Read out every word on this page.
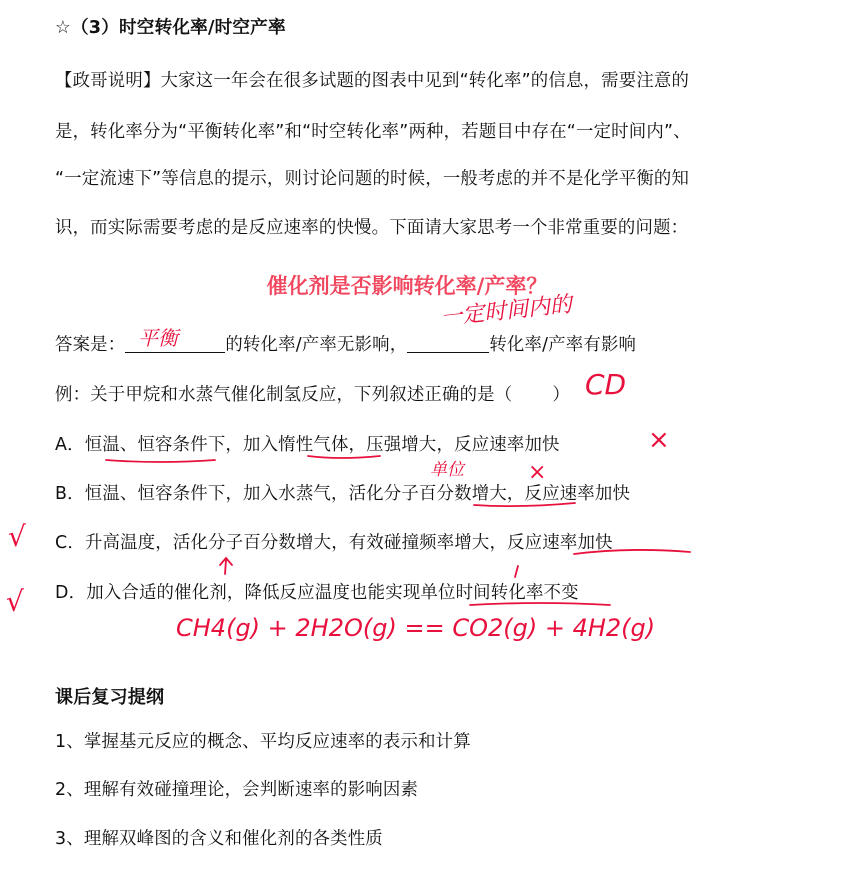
☆（3）时空转化率/时空产率
【政哥说明】大家这一年会在很多试题的图表中见到“转化率”的信息，需要注意的
是，转化率分为“平衡转化率”和“时空转化率”两种，若题目中存在“一定时间内”、
“一定流速下”等信息的提示，则讨论问题的时候，一般考虑的并不是化学平衡的知
识，而实际需要考虑的是反应速率的快慢。下面请大家思考一个非常重要的问题：
催化剂是否影响转化率/产率？
答案是：	的转化率/产率无影响，	转化率/产率有影响
平衡
一定时间内的
例：关于甲烷和水蒸气催化制氢反应，下列叙述正确的是（ ） CD
A．恒温、恒容条件下，加入惰性气体，压强增大，反应速率加快
B．恒温、恒容条件下，加入水蒸气，活化分子百分数增大，反应速率加快
C．升高温度，活化分子百分数增大，有效碰撞频率增大，反应速率加快
D．加入合适的催化剂，降低反应温度也能实现单位时间转化率不变
单位
×
×
√
√
CH4(g) + 2H2O(g) == CO2(g) + 4H2(g)
课后复习提纲
1、掌握基元反应的概念、平均反应速率的表示和计算
2、理解有效碰撞理论，会判断速率的影响因素
3、理解双峰图的含义和催化剂的各类性质
